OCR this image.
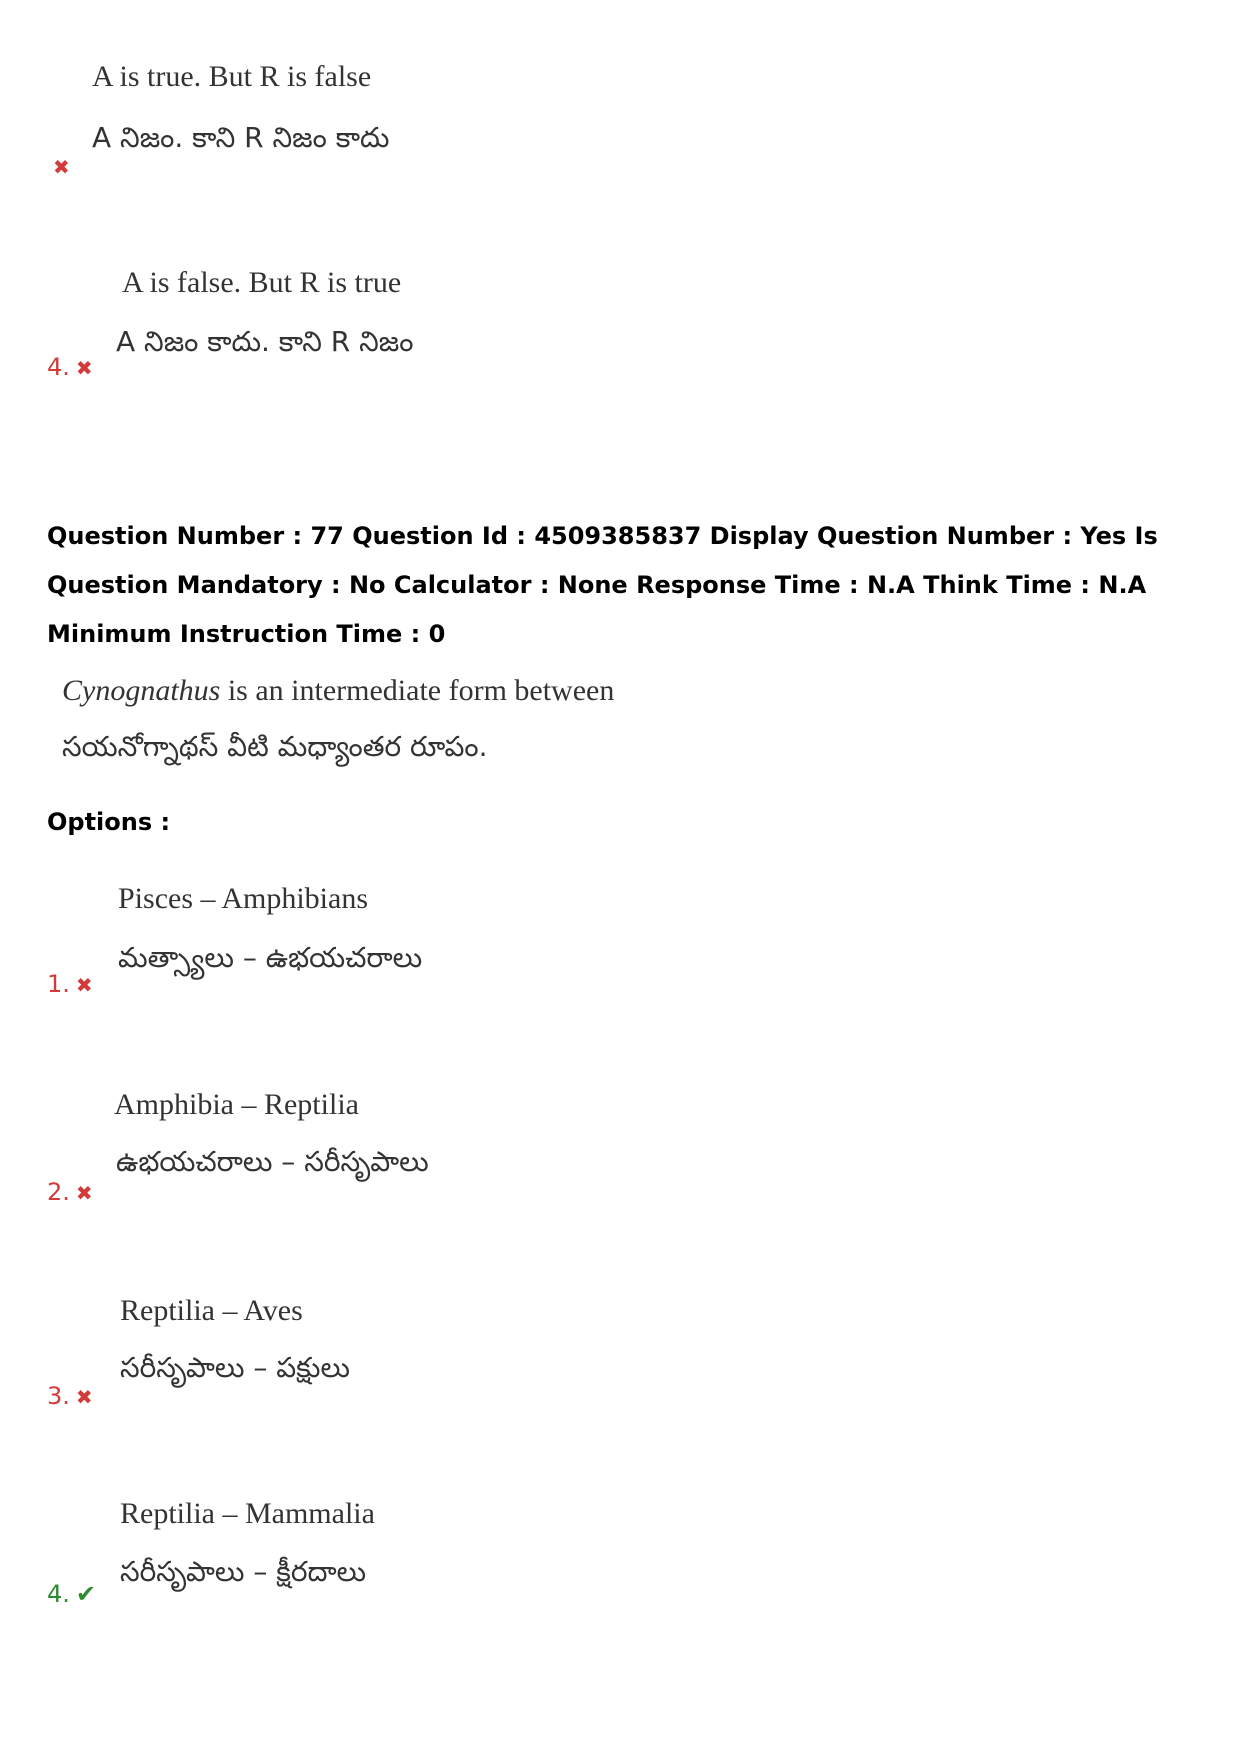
A is true. But R is false
A నిజం. కాని R నిజం కాదు
✖
A is false. But R is true
A నిజం కాదు. కాని R నిజం
4. ✖
Question Number : 77 Question Id : 4509385837 Display Question Number : Yes Is Question Mandatory : No Calculator : None Response Time : N.A Think Time : N.A Minimum Instruction Time : 0
Cynognathus is an intermediate form between
సయనోగ్నాథస్ వీటి మధ్యాంతర రూపం.
Options :
Pisces – Amphibians
మత్స్యాలు – ఉభయచరాలు
1. ✖
Amphibia – Reptilia
ఉభయచరాలు – సరీసృపాలు
2. ✖
Reptilia – Aves
సరీసృపాలు – పక్షులు
3. ✖
Reptilia – Mammalia
సరీసృపాలు – క్షీరదాలు
4. ✔
